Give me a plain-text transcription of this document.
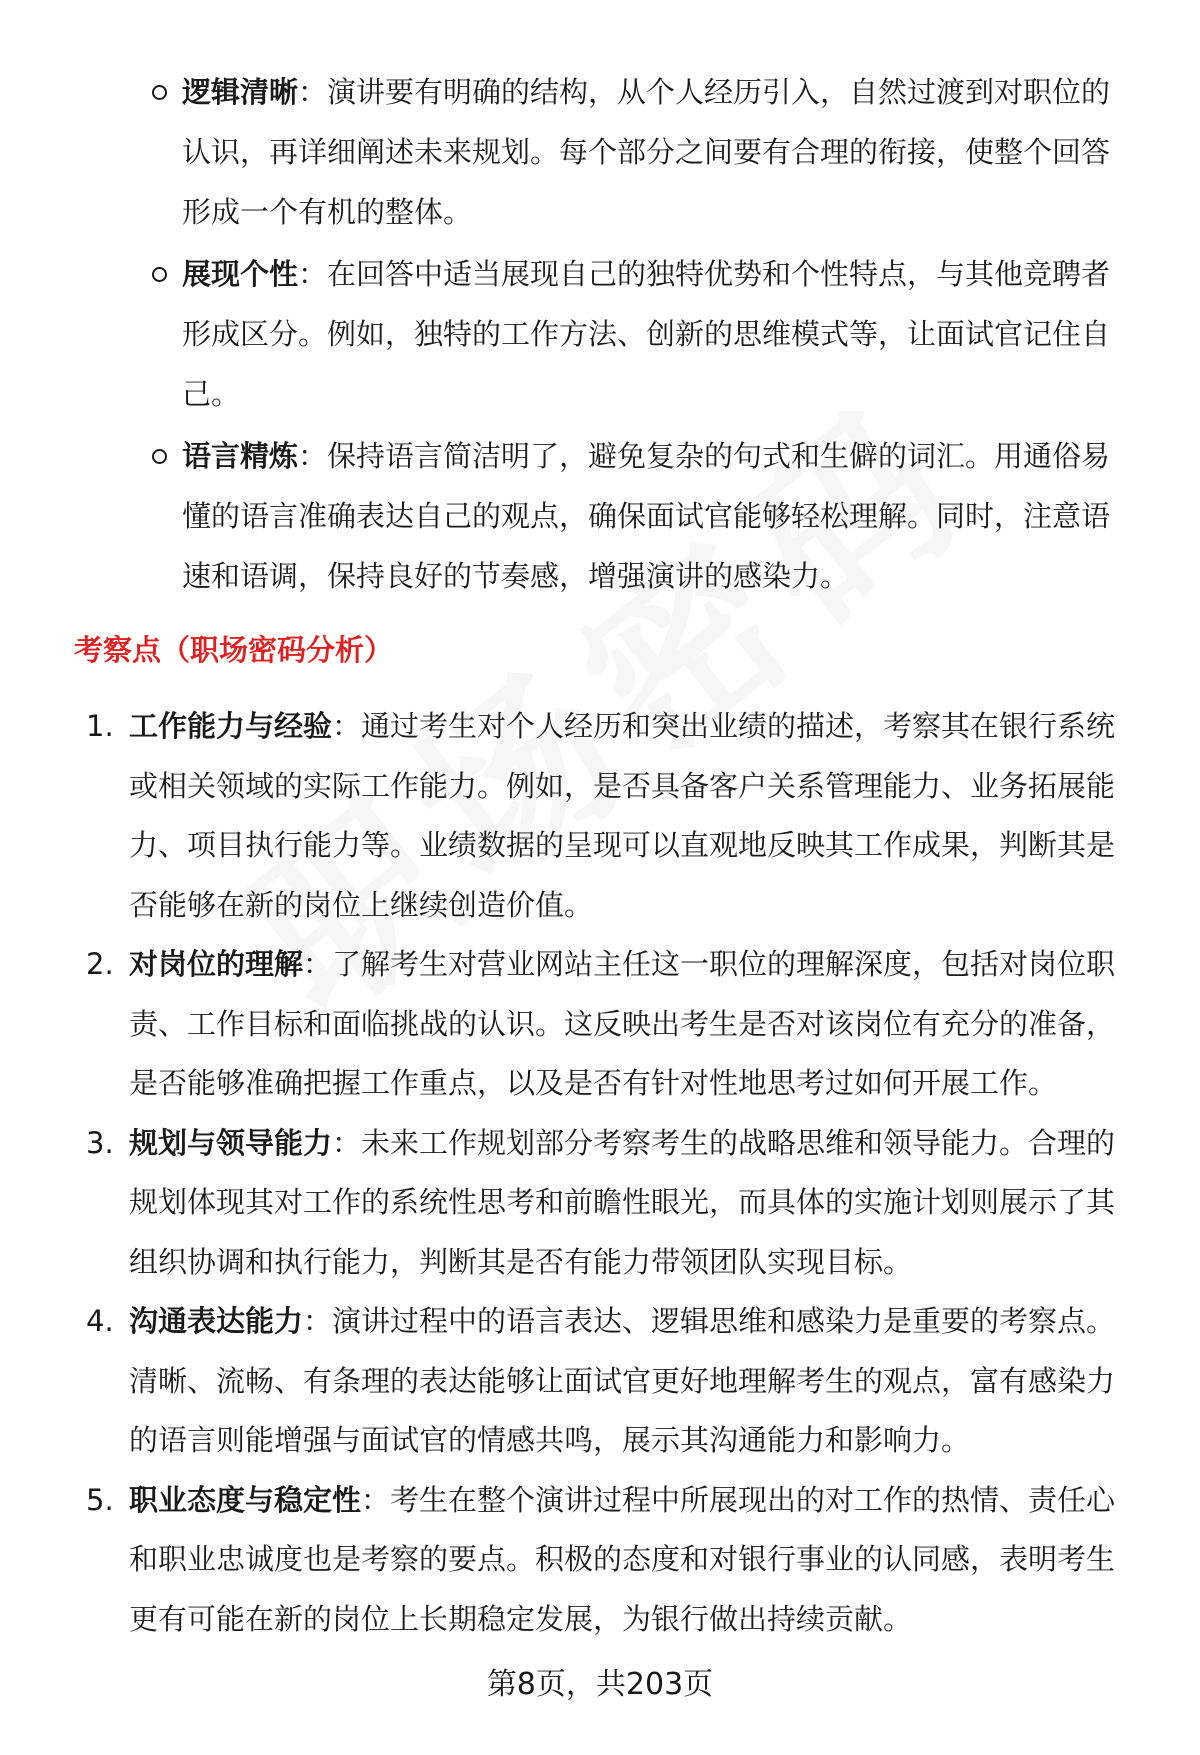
逻辑清晰：演讲要有明确的结构，从个人经历引入，自然过渡到对职位的认识，再详细阐述未来规划。每个部分之间要有合理的衔接，使整个回答形成一个有机的整体。
展现个性：在回答中适当展现自己的独特优势和个性特点，与其他竞聘者形成区分。例如，独特的工作方法、创新的思维模式等，让面试官记住自己。
语言精炼：保持语言简洁明了，避免复杂的句式和生僻的词汇。用通俗易懂的语言准确表达自己的观点，确保面试官能够轻松理解。同时，注意语速和语调，保持良好的节奏感，增强演讲的感染力。
考察点（职场密码分析）
1. 工作能力与经验：通过考生对个人经历和突出业绩的描述，考察其在银行系统或相关领域的实际工作能力。例如，是否具备客户关系管理能力、业务拓展能力、项目执行能力等。业绩数据的呈现可以直观地反映其工作成果，判断其是否能够在新的岗位上继续创造价值。
2. 对岗位的理解：了解考生对营业网站主任这一职位的理解深度，包括对岗位职责、工作目标和面临挑战的认识。这反映出考生是否对该岗位有充分的准备，是否能够准确把握工作重点，以及是否有针对性地思考过如何开展工作。
3. 规划与领导能力：未来工作规划部分考察考生的战略思维和领导能力。合理的规划体现其对工作的系统性思考和前瞻性眼光，而具体的实施计划则展示了其组织协调和执行能力，判断其是否有能力带领团队实现目标。
4. 沟通表达能力：演讲过程中的语言表达、逻辑思维和感染力是重要的考察点。清晰、流畅、有条理的表达能够让面试官更好地理解考生的观点，富有感染力的语言则能增强与面试官的情感共鸣，展示其沟通能力和影响力。
5. 职业态度与稳定性：考生在整个演讲过程中所展现出的对工作的热情、责任心和职业忠诚度也是考察的要点。积极的态度和对银行事业的认同感，表明考生更有可能在新的岗位上长期稳定发展，为银行做出持续贡献。
第8页，共203页
